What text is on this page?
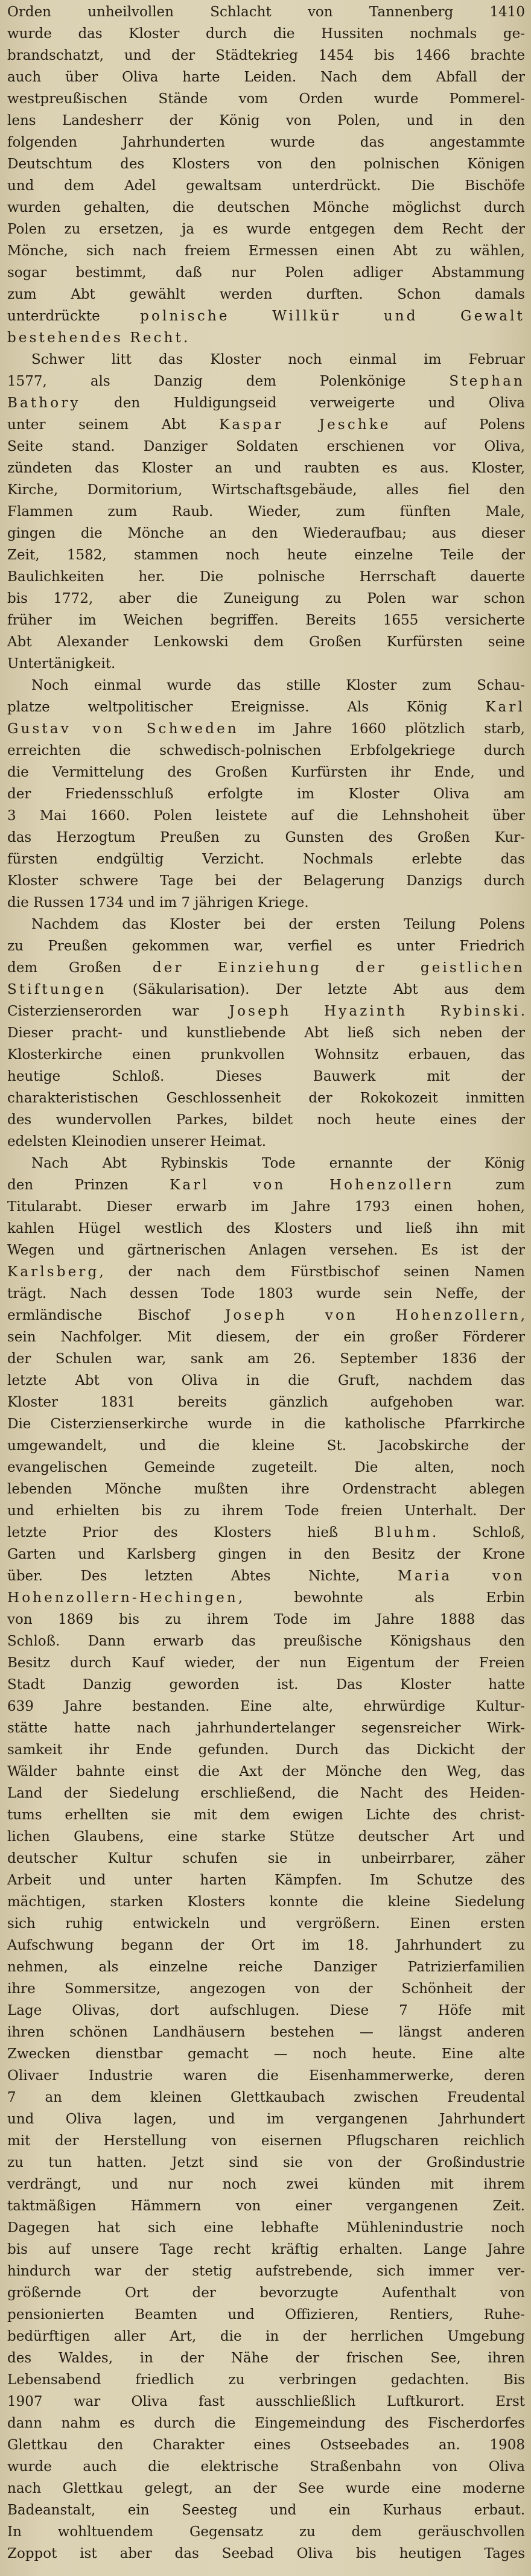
Orden unheilvollen Schlacht von Tannenberg 1410
wurde das Kloster durch die Hussiten nochmals ge-
brandschatzt, und der Städtekrieg 1454 bis 1466 brachte
auch über Oliva harte Leiden. Nach dem Abfall der
westpreußischen Stände vom Orden wurde Pommerel-
lens Landesherr der König von Polen, und in den
folgenden Jahrhunderten wurde das angestammte
Deutschtum des Klosters von den polnischen Königen
und dem Adel gewaltsam unterdrückt. Die Bischöfe
wurden gehalten, die deutschen Mönche möglichst durch
Polen zu ersetzen, ja es wurde entgegen dem Recht der
Mönche, sich nach freiem Ermessen einen Abt zu wählen,
sogar bestimmt, daß nur Polen adliger Abstammung
zum Abt gewählt werden durften. Schon damals
unterdrückte polnische Willkür und Gewalt
bestehendes Recht.
Schwer litt das Kloster noch einmal im Februar
1577, als Danzig dem Polenkönige Stephan
Bathory den Huldigungseid verweigerte und Oliva
unter seinem Abt Kaspar Jeschke auf Polens
Seite stand. Danziger Soldaten erschienen vor Oliva,
zündeten das Kloster an und raubten es aus. Kloster,
Kirche, Dormitorium, Wirtschaftsgebäude, alles fiel den
Flammen zum Raub. Wieder, zum fünften Male,
gingen die Mönche an den Wiederaufbau; aus dieser
Zeit, 1582, stammen noch heute einzelne Teile der
Baulichkeiten her. Die polnische Herrschaft dauerte
bis 1772, aber die Zuneigung zu Polen war schon
früher im Weichen begriffen. Bereits 1655 versicherte
Abt Alexander Lenkowski dem Großen Kurfürsten seine
Untertänigkeit.
Noch einmal wurde das stille Kloster zum Schau-
platze weltpolitischer Ereignisse. Als König Karl
Gustav von Schweden im Jahre 1660 plötzlich starb,
erreichten die schwedisch-polnischen Erbfolgekriege durch
die Vermittelung des Großen Kurfürsten ihr Ende, und
der Friedensschluß erfolgte im Kloster Oliva am
3 Mai 1660. Polen leistete auf die Lehnshoheit über
das Herzogtum Preußen zu Gunsten des Großen Kur-
fürsten endgültig Verzicht. Nochmals erlebte das
Kloster schwere Tage bei der Belagerung Danzigs durch
die Russen 1734 und im 7 jährigen Kriege.
Nachdem das Kloster bei der ersten Teilung Polens
zu Preußen gekommen war, verfiel es unter Friedrich
dem Großen der Einziehung der geistlichen
Stiftungen (Säkularisation). Der letzte Abt aus dem
Cisterzienserorden war Joseph Hyazinth Rybinski.
Dieser pracht- und kunstliebende Abt ließ sich neben der
Klosterkirche einen prunkvollen Wohnsitz erbauen, das
heutige Schloß. Dieses Bauwerk mit der
charakteristischen Geschlossenheit der Rokokozeit inmitten
des wundervollen Parkes, bildet noch heute eines der
edelsten Kleinodien unserer Heimat.
Nach Abt Rybinskis Tode ernannte der König
den Prinzen Karl von Hohenzollern zum
Titularabt. Dieser erwarb im Jahre 1793 einen hohen,
kahlen Hügel westlich des Klosters und ließ ihn mit
Wegen und gärtnerischen Anlagen versehen. Es ist der
Karlsberg, der nach dem Fürstbischof seinen Namen
trägt. Nach dessen Tode 1803 wurde sein Neffe, der
ermländische Bischof Joseph von Hohenzollern,
sein Nachfolger. Mit diesem, der ein großer Förderer
der Schulen war, sank am 26. September 1836 der
letzte Abt von Oliva in die Gruft, nachdem das
Kloster 1831 bereits gänzlich aufgehoben war.
Die Cisterzienserkirche wurde in die katholische Pfarrkirche
umgewandelt, und die kleine St. Jacobskirche der
evangelischen Gemeinde zugeteilt. Die alten, noch
lebenden Mönche mußten ihre Ordenstracht ablegen
und erhielten bis zu ihrem Tode freien Unterhalt. Der
letzte Prior des Klosters hieß Bluhm. Schloß,
Garten und Karlsberg gingen in den Besitz der Krone
über. Des letzten Abtes Nichte, Maria von
Hohenzollern-Hechingen, bewohnte als Erbin
von 1869 bis zu ihrem Tode im Jahre 1888 das
Schloß. Dann erwarb das preußische Königshaus den
Besitz durch Kauf wieder, der nun Eigentum der Freien
Stadt Danzig geworden ist. Das Kloster hatte
639 Jahre bestanden. Eine alte, ehrwürdige Kultur-
stätte hatte nach jahrhundertelanger segensreicher Wirk-
samkeit ihr Ende gefunden. Durch das Dickicht der
Wälder bahnte einst die Axt der Mönche den Weg, das
Land der Siedelung erschließend, die Nacht des Heiden-
tums erhellten sie mit dem ewigen Lichte des christ-
lichen Glaubens, eine starke Stütze deutscher Art und
deutscher Kultur schufen sie in unbeirrbarer, zäher
Arbeit und unter harten Kämpfen. Im Schutze des
mächtigen, starken Klosters konnte die kleine Siedelung
sich ruhig entwickeln und vergrößern. Einen ersten
Aufschwung begann der Ort im 18. Jahrhundert zu
nehmen, als einzelne reiche Danziger Patrizierfamilien
ihre Sommersitze, angezogen von der Schönheit der
Lage Olivas, dort aufschlugen. Diese 7 Höfe mit
ihren schönen Landhäusern bestehen — längst anderen
Zwecken dienstbar gemacht — noch heute. Eine alte
Olivaer Industrie waren die Eisenhammerwerke, deren
7 an dem kleinen Glettkaubach zwischen Freudental
und Oliva lagen, und im vergangenen Jahrhundert
mit der Herstellung von eisernen Pflugscharen reichlich
zu tun hatten. Jetzt sind sie von der Großindustrie
verdrängt, und nur noch zwei künden mit ihrem
taktmäßigen Hämmern von einer vergangenen Zeit.
Dagegen hat sich eine lebhafte Mühlenindustrie noch
bis auf unsere Tage recht kräftig erhalten. Lange Jahre
hindurch war der stetig aufstrebende, sich immer ver-
größernde Ort der bevorzugte Aufenthalt von
pensionierten Beamten und Offizieren, Rentiers, Ruhe-
bedürftigen aller Art, die in der herrlichen Umgebung
des Waldes, in der Nähe der frischen See, ihren
Lebensabend friedlich zu verbringen gedachten. Bis
1907 war Oliva fast ausschließlich Luftkurort. Erst
dann nahm es durch die Eingemeindung des Fischerdorfes
Glettkau den Charakter eines Ostseebades an. 1908
wurde auch die elektrische Straßenbahn von Oliva
nach Glettkau gelegt, an der See wurde eine moderne
Badeanstalt, ein Seesteg und ein Kurhaus erbaut.
In wohltuendem Gegensatz zu dem geräuschvollen
Zoppot ist aber das Seebad Oliva bis heutigen Tages
